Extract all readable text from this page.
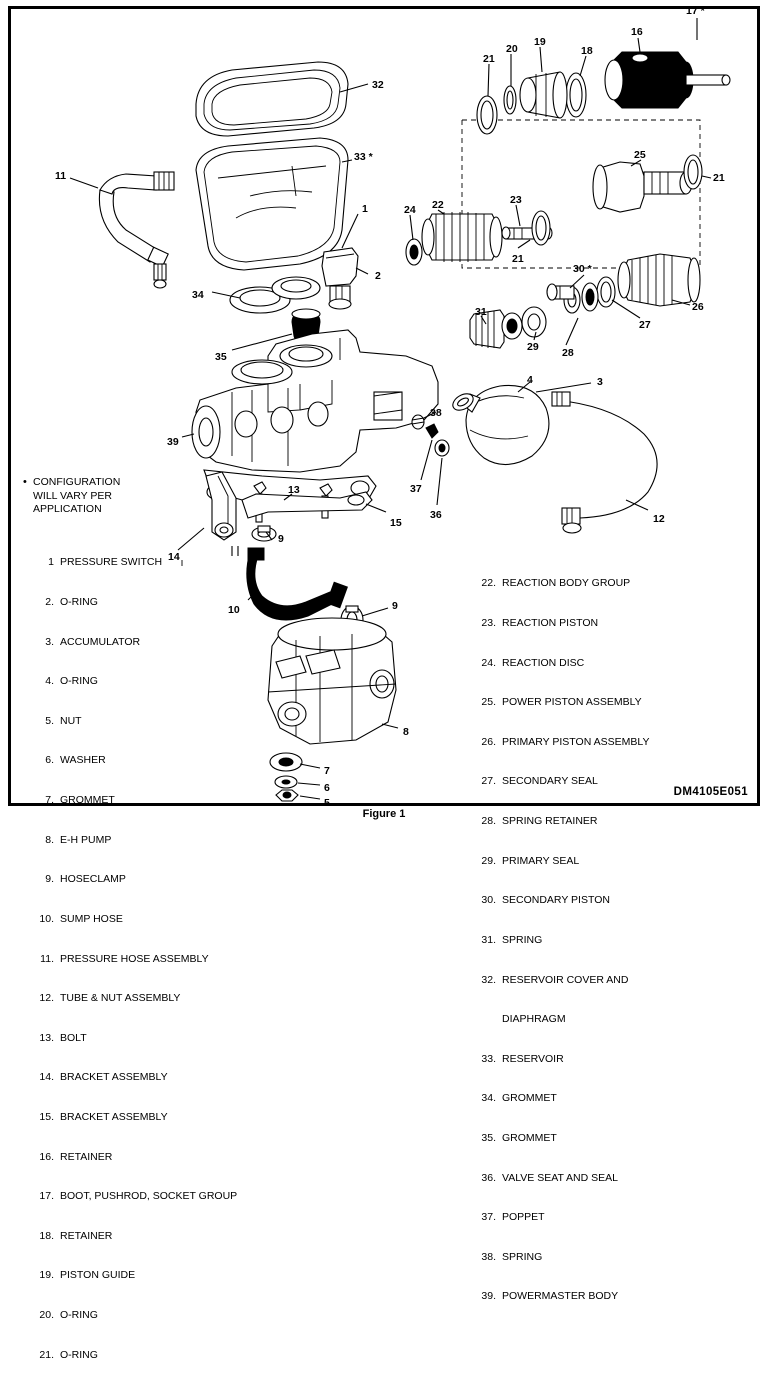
17 *
16
18
19
20
21
25
21
32
33 *
11
24 22	23
21
1
2
34
35
30 *
26
27
28
29
31
39
4	3
38
37
36	12
13
15
9
14
10	9
8
7
6
5
• CONFIGURATION
WILL VARY PER
APPLICATION

1 PRESSURE SWITCH

2. O-RING

3. ACCUMULATOR

4. O-RING

5. NUT

6. WASHER

7. GROMMET

8. E-H PUMP

9. HOSECLAMP

10. SUMP HOSE

11. PRESSURE HOSE ASSEMBLY

12. TUBE & NUT ASSEMBLY

13. BOLT

14. BRACKET ASSEMBLY

15. BRACKET ASSEMBLY

16. RETAINER

17. BOOT, PUSHROD, SOCKET GROUP

18. RETAINER

19. PISTON GUIDE

20. O-RING

21. O-RING

22. REACTION BODY GROUP

23. REACTION PISTON

24. REACTION DISC

25. POWER PISTON ASSEMBLY

26. PRIMARY PISTON ASSEMBLY

27. SECONDARY SEAL

28. SPRING RETAINER

29. PRIMARY SEAL

30. SECONDARY PISTON

31. SPRING

32. RESERVOIR COVER AND

DIAPHRAGM

33. RESERVOIR

34. GROMMET

35. GROMMET

36. VALVE SEAT AND SEAL

37. POPPET

38. SPRING

39. POWERMASTER BODY

DM4105E051
Figure 1
